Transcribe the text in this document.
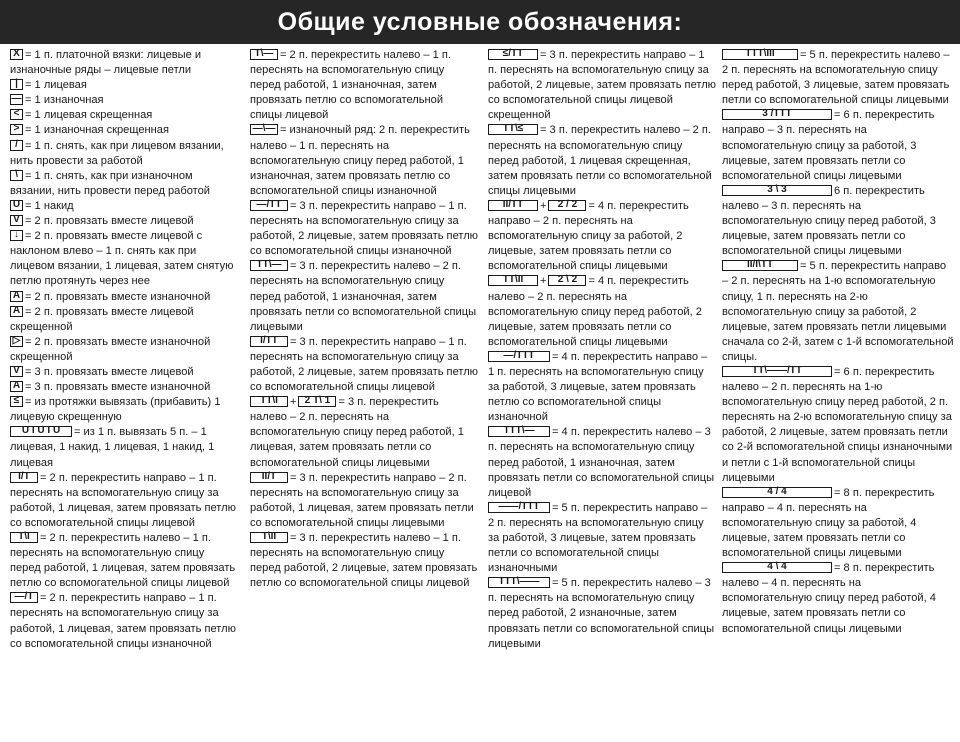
Общие условные обозначения:

X = 1 п. платочной вязки: лицевые и изнаночные ряды – лицевые петли

| = 1 лицевая

— = 1 изнаночная

< = 1 лицевая скрещенная

> = 1 изнаночная скрещенная

/ = 1 п. снять, как при лицевом вязании, нить провести за работой

\ = 1 п. снять, как при изнаночном вязании, нить провести перед работой

U = 1 накид

V = 2 п. провязать вместе лицевой

↓ = 2 п. провязать вместе лицевой с наклоном влево – 1 п. снять как при лицевом вязании, 1 лицевая, затем снятую петлю протянуть через нее

A = 2 п. провязать вместе изнаночной

A = 2 п. провязать вместе лицевой скрещенной

▷ = 2 п. провязать вместе изнаночной скрещенной

V = 3 п. провязать вместе лицевой

A = 3 п. провязать вместе изнаночной

≤ = из протяжки вывязать (прибавить) 1 лицевую скрещенную

U I U I U	= из 1 п. вывязать 5 п. – 1 лицевая, 1 накид, 1 лицевая, 1 накид, 1 лицевая

I/T = 2 п. перекрестить направо – 1 п. переснять на вспомогательную спицу за работой, 1 лицевая, затем провязать петлю со вспомогательной спицы лицевой

T\I = 2 п. перекрестить налево – 1 п. переснять на вспомогательную спицу перед работой, 1 лицевая, затем провязать петлю со вспомогательной спицы лицевой

—/T = 2 п. перекрестить направо – 1 п. переснять на вспомогательную спицу за работой, 1 лицевая, затем провязать петлю со вспомогательной спицы изнаночной

T\— = 2 п. перекрестить налево – 1 п. переснять на вспомогательную спицу перед работой, 1 изнаночная, затем провязать петлю со вспомогательной спицы лицевой

—\— = изнаночный ряд: 2 п. перекрестить налево – 1 п. переснять на вспомогательную спицу перед работой, 1 изнаночная, затем провязать петлю со вспомогательной спицы изнаночной

—/TT = 3 п. перекрестить направо – 1 п. переснять на вспомогательную спицу за работой, 2 лицевые, затем провязать петлю со вспомогательной спицы изнаночной

TT\— = 3 п. перекрестить налево – 2 п. переснять на вспомогательную спицу перед работой, 1 изнаночная, затем провязать петли со вспомогательной спицы лицевыми

I/TT	= 3 п. перекрестить направо – 1 п. переснять на вспомогательную спицу за работой, 2 лицевые, затем провязать петлю со вспомогательной спицы лицевой

TT\I	+ 2 T\ 1 = 3 п. перекрестить налево – 2 п. переснять на вспомогательную спицу перед работой, 1 лицевая, затем провязать петли со вспомогательной спицы лицевыми

II/T	= 3 п. перекрестить направо – 2 п. переснять на вспомогательную спицу за работой, 1 лицевая, затем провязать петли со вспомогательной спицы лицевыми

T\II	= 3 п. перекрестить налево – 1 п. переснять на вспомогательную спицу перед работой, 2 лицевые, затем провязать петлю со вспомогательной спицы лицевой

≤/TT	= 3 п. перекрестить направо – 1 п. переснять на вспомогательную спицу за работой, 2 лицевые, затем провязать петлю со вспомогательной спицы лицевой скрещенной

TT\≤	= 3 п. перекрестить налево – 2 п. переснять на вспомогательную спицу перед работой, 1 лицевая скрещенная, затем провязать петли со вспомогательной спицы лицевыми

II/TT	+	2 / 2	= 4 п. перекрестить направо – 2 п. переснять на вспомогательную спицу за работой, 2 лицевые, затем провязать петли со вспомогательной спицы лицевыми

TT\II	+	2 \ 2	= 4 п. перекрестить налево – 2 п. переснять на вспомогательную спицу перед работой, 2 лицевые, затем провязать петли со вспомогательной спицы лицевыми

—/TTT	= 4 п. перекрестить направо – 1 п. переснять на вспомогательную спицу за работой, 3 лицевые, затем провязать петлю со вспомогательной спицы изнаночной

TTT\—	= 4 п. перекрестить налево – 3 п. переснять на вспомогательную спицу перед работой, 1 изнаночная, затем провязать петли со вспомогательной спицы лицевой

——/TTT	= 5 п. перекрестить направо – 2 п. переснять на вспомогательную спицу за работой, 3 лицевые, затем провязать петли со вспомогательной спицы изнаночными

TTT\——	= 5 п. перекрестить налево – 3 п. переснять на вспомогательную спицу перед работой, 2 изнаночные, затем провязать петли со вспомогательной спицы лицевыми

TTT\III	= 5 п. перекрестить налево – 2 п. переснять на вспомогательную спицу перед работой, 3 лицевые, затем провязать петли со вспомогательной спицы лицевыми

3 /TTT	= 6 п. перекрестить направо – 3 п. переснять на вспомогательную спицу за работой, 3 лицевые, затем провязать петли со вспомогательной спицы лицевыми

3 \ 3	6 п. перекрестить налево – 3 п. переснять на вспомогательную спицу перед работой, 3 лицевые, затем провязать петли со вспомогательной спицы лицевыми

II/I\TT	= 5 п. перекрестить направо – 2 п. переснять на 1-ю вспомогательную спицу, 1 п. переснять на 2-ю вспомогательную спицу за работой, 2 лицевые, затем провязать петли лицевыми сначала со 2-й, затем с 1-й вспомогательной спицы.

TT\——/TT	= 6 п. перекрестить налево – 2 п. переснять на 1-ю вспомогательную спицу перед работой, 2 п. переснять на 2-ю вспомогательную спицу за работой, 2 лицевые, затем провязать петли со 2-й вспомогательной спицы изнаночными и петли с 1-й вспомогательной спицы лицевыми

4 / 4	= 8 п. перекрестить направо – 4 п. переснять на вспомогательную спицу за работой, 4 лицевые, затем провязать петли со вспомогательной спицы лицевыми

4 \ 4	= 8 п. перекрестить налево – 4 п. переснять на вспомогательную спицу перед работой, 4 лицевые, затем провязать петли со вспомогательной спицы лицевыми
